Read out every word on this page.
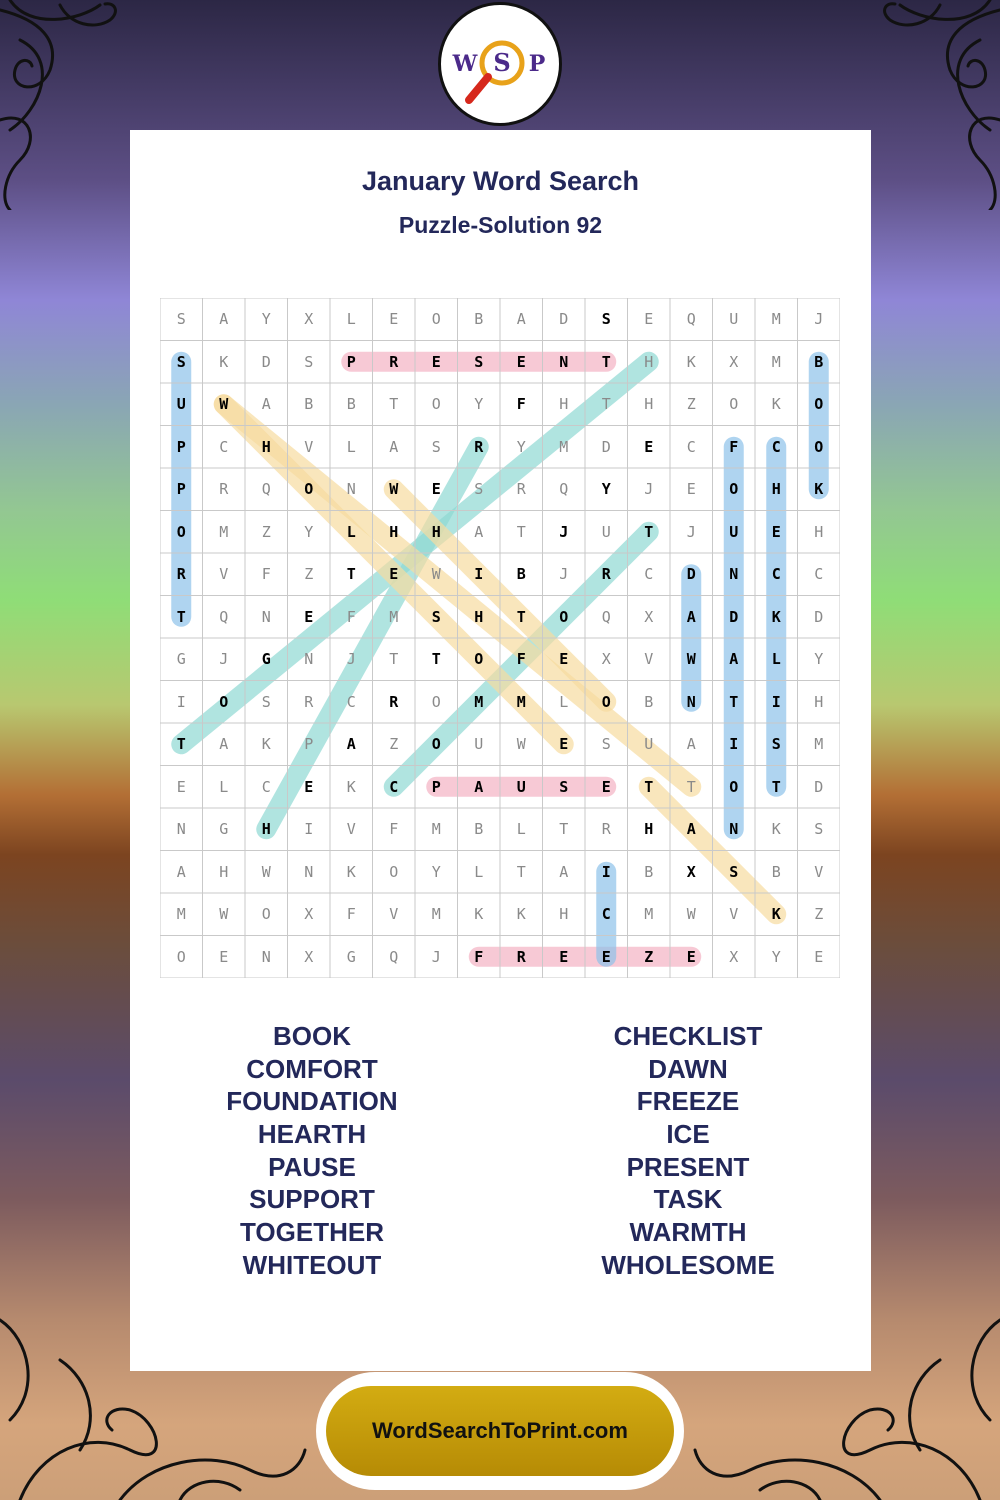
W S P
January Word Search
Puzzle-Solution 92
S	A	Y	X	L	E	O	B	A	D	S	E	Q	U	M	J
S	K	D	S	P	R	E	S	E	N	T	H	K	X	M	B
U	W	A	B	B	T	O	Y	F	H	T	H	Z	O	K	O
P	C	H	V	L	A	S	R	Y	M	D	E	C	F	C	O
P	R	Q	O	N	W	E	S	R	Q	Y	J	E	O	H	K
O	M	Z	Y	L	H	H	A	T	J	U	T	J	U	E	H
R	V	F	Z	T	E	W	I	B	J	R	C	D	N	C	C
T	Q	N	E	F	M	S	H	T	O	Q	X	A	D	K	D
G	J	G	N	J	T	T	O	F	E	X	V	W	A	L	Y
I	O	S	R	C	R	O	M	M	L	O	B	N	T	I	H
T	A	K	P	A	Z	O	U	W	E	S	U	A	I	S	M
E	L	C	E	K	C	P	A	U	S	E	T	T	O	T	D
N	G	H	I	V	F	M	B	L	T	R	H	A	N	K	S
A	H	W	N	K	O	Y	L	T	A	I	B	X	S	B	V
M	W	O	X	F	V	M	K	K	H	C	M	W	V	K	Z
O	E	N	X	G	Q	J	F	R	E	E	Z	E	X	Y	E
BOOK
COMFORT
FOUNDATION
HEARTH
PAUSE
SUPPORT
TOGETHER
WHITEOUT
CHECKLIST
DAWN
FREEZE
ICE
PRESENT
TASK
WARMTH
WHOLESOME
WordSearchToPrint.com
